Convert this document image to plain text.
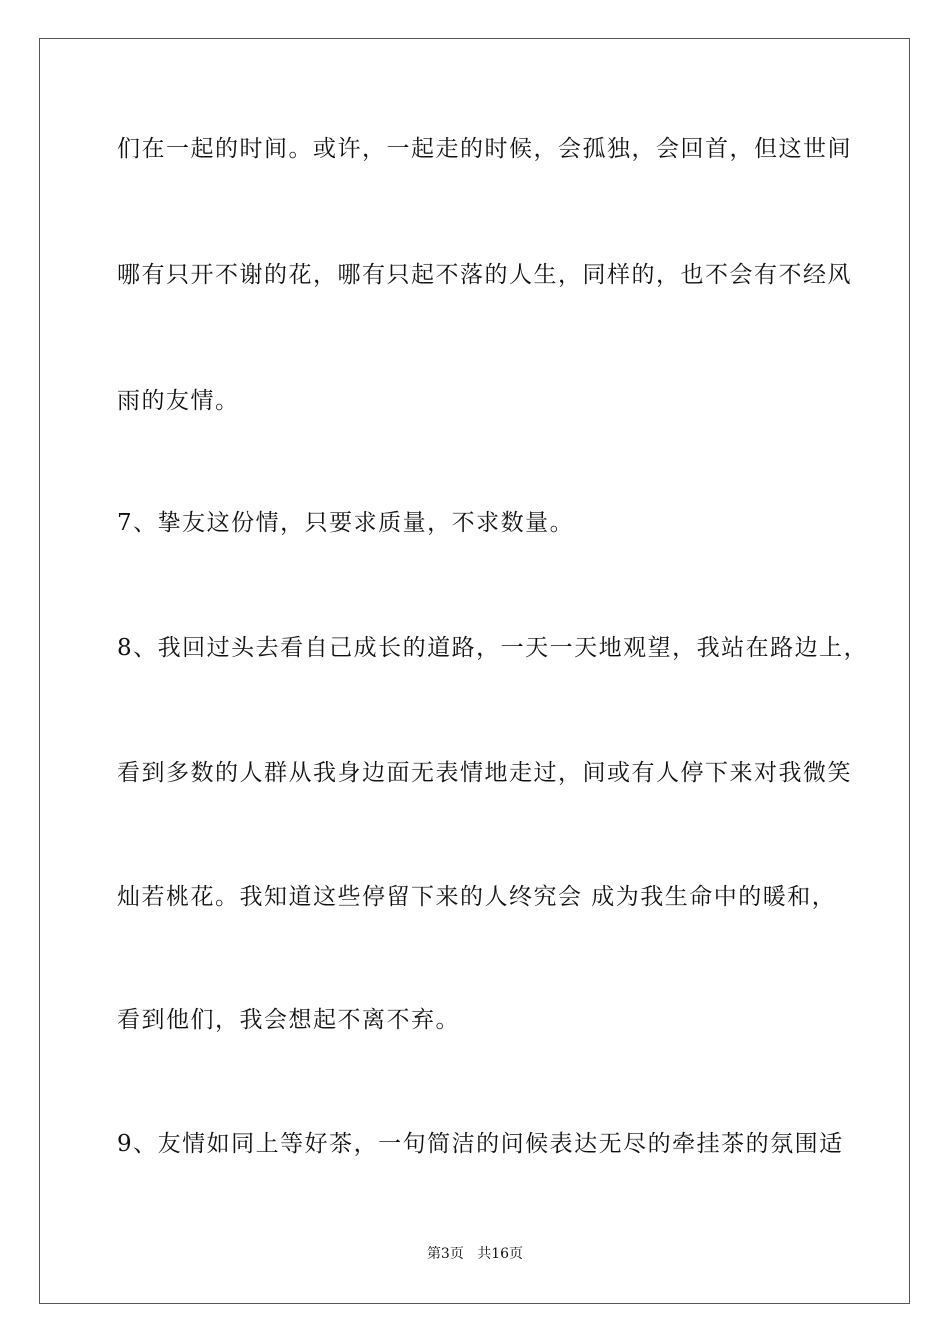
们在一起的时间。或许，一起走的时候，会孤独，会回首，但这世间
哪有只开不谢的花，哪有只起不落的人生，同样的，也不会有不经风
雨的友情。
7、挚友这份情，只要求质量，不求数量。
8、我回过头去看自己成长的道路，一天一天地观望，我站在路边上，
看到多数的人群从我身边面无表情地走过，间或有人停下来对我微笑
灿若桃花。我知道这些停留下来的人终究会 成为我生命中的暖和，
看到他们，我会想起不离不弃。
9、友情如同上等好茶，一句简洁的问候表达无尽的牵挂茶的氛围适
第3页 共16页
